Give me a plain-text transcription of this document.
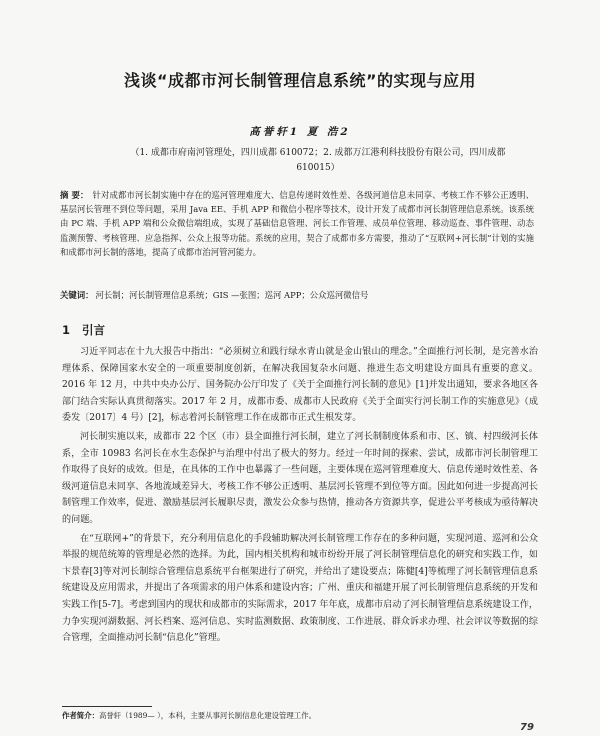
浅谈“成都市河长制管理信息系统”的实现与应用
高誉轩1 夏 浩2
（1. 成都市府南河管理处，四川成都 610072；2. 成都万江港利科技股份有限公司，四川成都 610015）
摘 要： 针对成都市河长制实施中存在的巡河管理难度大、信息传递时效性差、各级河道信息未同享、考核工作不够公正透明、基层河长管理不到位等问题，采用 Java EE、手机 APP 和微信小程序等技术，设计开发了成都市河长制管理信息系统。该系统由 PC 端、手机 APP 端和公众微信端组成，实现了基础信息管理、河长工作管理、成员单位管理、移动巡查、事件管理、动态监测预警、考核管理、应急指挥、公众上报等功能。系统的应用，契合了成都市多方需要，推动了“互联网+河长制”计划的实施和成都市河长制的落地，提高了成都市治河管河能力。
关键词： 河长制；河长制管理信息系统；GIS —张图；巡河 APP；公众巡河微信号
1 引言

习近平同志在十九大报告中指出：“必须树立和践行绿水青山就是金山银山的理念。”全面推行河长制，是完善水治理体系、保障国家水安全的一项重要制度创新，在解决我国复杂水问题、推进生态文明建设方面具有重要的意义。2016 年 12 月，中共中央办公厅、国务院办公厅印发了《关于全面推行河长制的意见》[1]并发出通知，要求各地区各部门结合实际认真贯彻落实。2017 年 2 月，成都市委、成都市人民政府《关于全面实行河长制工作的实施意见》（成委发〔2017〕4 号）[2]，标志着河长制管理工作在成都市正式生根发芽。

河长制实施以来，成都市 22 个区（市）县全面推行河长制，建立了河长制制度体系和市、区、镇、村四级河长体系，全市 10983 名河长在水生态保护与治理中付出了极大的努力。经过一年时间的探索、尝试，成都市河长制管理工作取得了良好的成效。但是，在具体的工作中也暴露了一些问题，主要体现在巡河管理难度大、信息传递时效性差、各级河道信息未同享、各地流域差异大、考核工作不够公正透明、基层河长管理不到位等方面。因此如何进一步提高河长制管理工作效率，促进、激励基层河长履职尽责，激发公众参与热情，推动各方资源共享，促进公平考核成为亟待解决的问题。

在“互联网+”的背景下，充分利用信息化的手段辅助解决河长制管理工作存在的多种问题，实现河道、巡河和公众举报的规范统筹的管理是必然的选择。为此，国内相关机构和城市纷纷开展了河长制管理信息化的研究和实践工作，如卞景春[3]等对河长制综合管理信息系统平台框架进行了研究，并给出了建设要点；陈健[4]等梳理了河长制管理信息系统建设及应用需求，并提出了各项需求的用户体系和建设内容；广州、重庆和福建开展了河长制管理信息系统的开发和实践工作[5-7]。考虑到国内的现状和成都市的实际需求，2017 年年底，成都市启动了河长制管理信息系统建设工作，力争实现河湖数据、河长档案、巡河信息、实时监测数据、政策制度、工作进展、群众诉求办理、社会评议等数据的综合管理，全面推动河长制“信息化”管理。

作者简介：高誉轩（1989— ），本科，主要从事河长制信息化建设管理工作。
79
